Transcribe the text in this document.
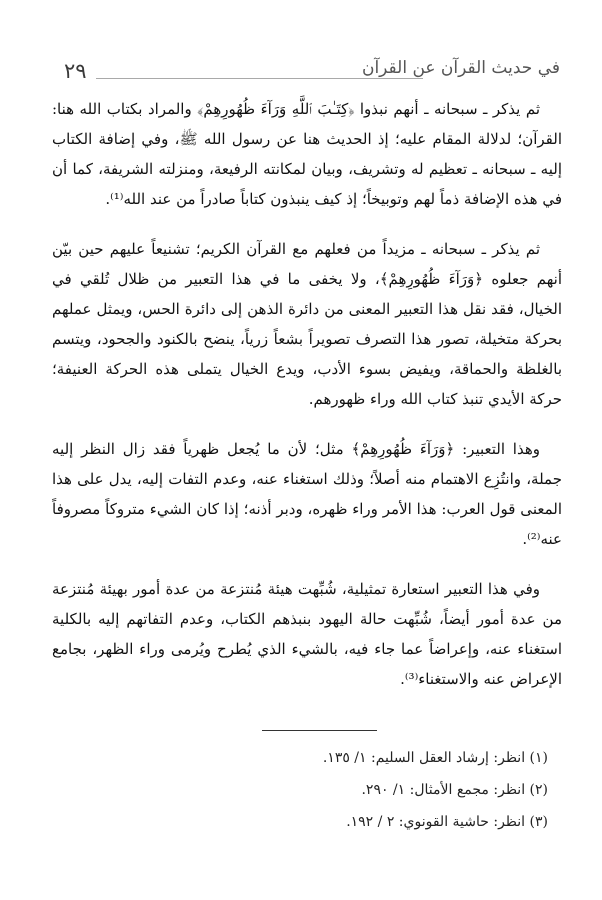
٢٩	في حديث القرآن عن القرآن

ثم يذكر ـ سبحانه ـ أنهم نبذوا ﴿كِتَـٰبَ ٱللَّهِ وَرَآءَ ظُهُورِهِمْ﴾ والمراد بكتاب الله هنا: القرآن؛ لدلالة المقام عليه؛ إذ الحديث هنا عن رسول الله ﷺ، وفي إضافة الكتاب إليه ـ سبحانه ـ تعظيم له وتشريف، وبيان لمكانته الرفيعة، ومنزلته الشريفة، كما أن في هذه الإضافة ذماً لهم وتوبيخاً؛ إذ كيف ينبذون كتاباً صادراً من عند الله⁽¹⁾.

ثم يذكر ـ سبحانه ـ مزيداً من فعلهم مع القرآن الكريم؛ تشنيعاً عليهم حين بيّن أنهم جعلوه ﴿وَرَآءَ ظُهُورِهِمْ﴾، ولا يخفى ما في هذا التعبير من ظلال تُلقي في الخيال، فقد نقل هذا التعبير المعنى من دائرة الذهن إلى دائرة الحس، ويمثل عملهم بحركة متخيلة، تصور هذا التصرف تصويراً بشعاً زرياً، ينضح بالكنود والجحود، ويتسم بالغلظة والحماقة، ويفيض بسوء الأدب، ويدع الخيال يتملى هذه الحركة العنيفة؛ حركة الأيدي تنبذ كتاب الله وراء ظهورهم.

وهذا التعبير: ﴿وَرَآءَ ظُهُورِهِمْ﴾ مثل؛ لأن ما يُجعل ظهرياً فقد زال النظر إليه جملة، وانتُزِع الاهتمام منه أصلاً؛ وذلك استغناء عنه، وعدم التفات إليه، يدل على هذا المعنى قول العرب: هذا الأمر وراء ظهره، ودبر أذنه؛ إذا كان الشيء متروكاً مصروفاً عنه⁽²⁾.

وفي هذا التعبير استعارة تمثيلية، شُبِّهت هيئة مُنتزعة من عدة أمور بهيئة مُنتزعة من عدة أمور أيضاً، شُبِّهت حالة اليهود بنبذهم الكتاب، وعدم التفاتهم إليه بالكلية استغناء عنه، وإعراضاً عما جاء فيه، بالشيء الذي يُطرح ويُرمى وراء الظهر، بجامع الإعراض عنه والاستغناء⁽³⁾.

(١) انظر: إرشاد العقل السليم: ١/ ١٣٥.

(٢) انظر: مجمع الأمثال: ١/ ٢٩٠.

(٣) انظر: حاشية القونوي: ٢ / ١٩٢.
